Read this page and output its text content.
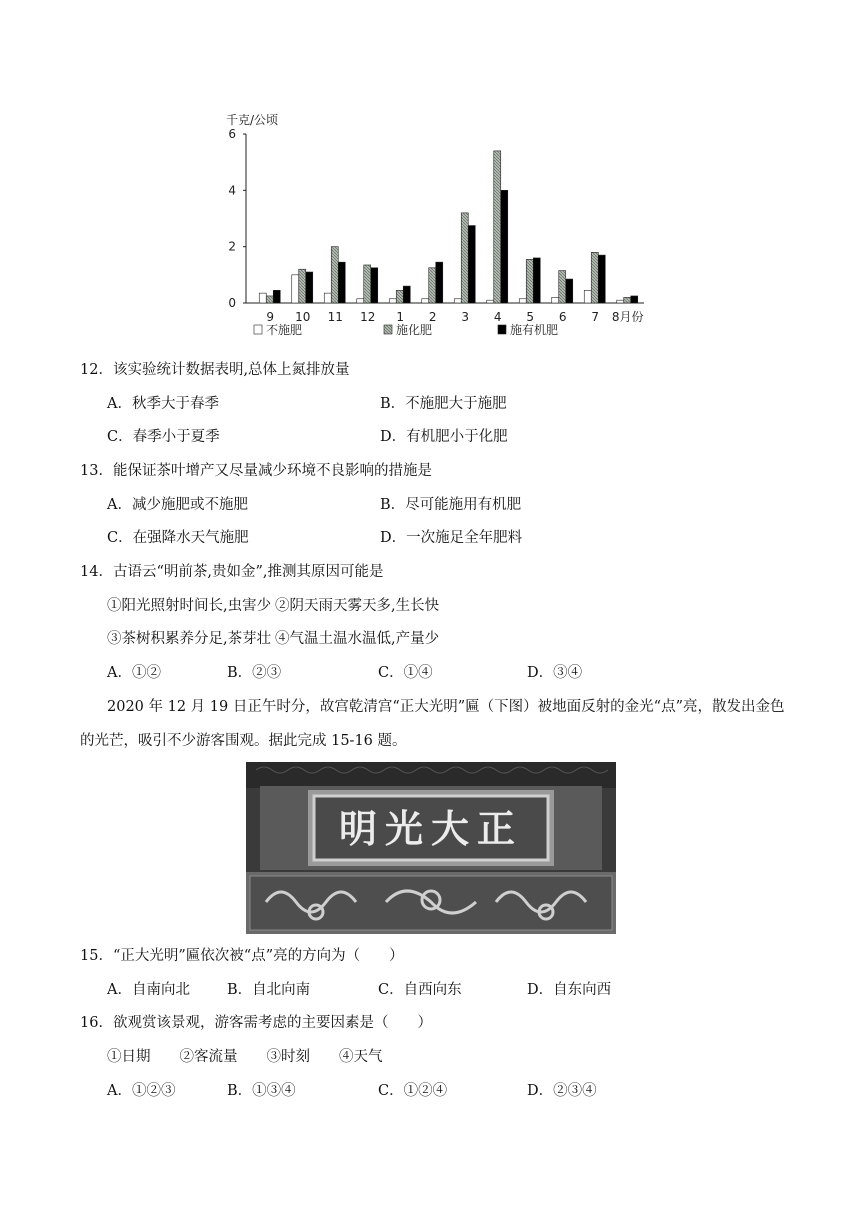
千克/公顷
0
2
4
6
9 10 11 12 1 2 3 4 5 6 7 8月份
不施肥	施化肥	施有机肥
12．该实验统计数据表明,总体上氮排放量
A．秋季大于春季	B．不施肥大于施肥
C．春季小于夏季	D．有机肥小于化肥
13．能保证茶叶增产又尽量减少环境不良影响的措施是
A．减少施肥或不施肥	B．尽可能施用有机肥
C．在强降水天气施肥	D．一次施足全年肥料
14．古语云“明前茶,贵如金”,推测其原因可能是
①阳光照射时间长,虫害少 ②阴天雨天雾天多,生长快
③茶树积累养分足,茶芽壮 ④气温土温水温低,产量少
A．①②	B．②③	C．①④	D．③④
2020 年 12 月 19 日正午时分，故宫乾清宫“正大光明”匾（下图）被地面反射的金光“点”亮，散发出金色的光芒，吸引不少游客围观。据此完成 15-16 题。
明光大正
15．“正大光明”匾依次被“点”亮的方向为（　　）
A．自南向北	B．自北向南	C．自西向东	D．自东向西
16．欲观赏该景观，游客需考虑的主要因素是（　　）
①日期　　②客流量　　③时刻　　④天气
A．①②③	B．①③④	C．①②④	D．②③④
